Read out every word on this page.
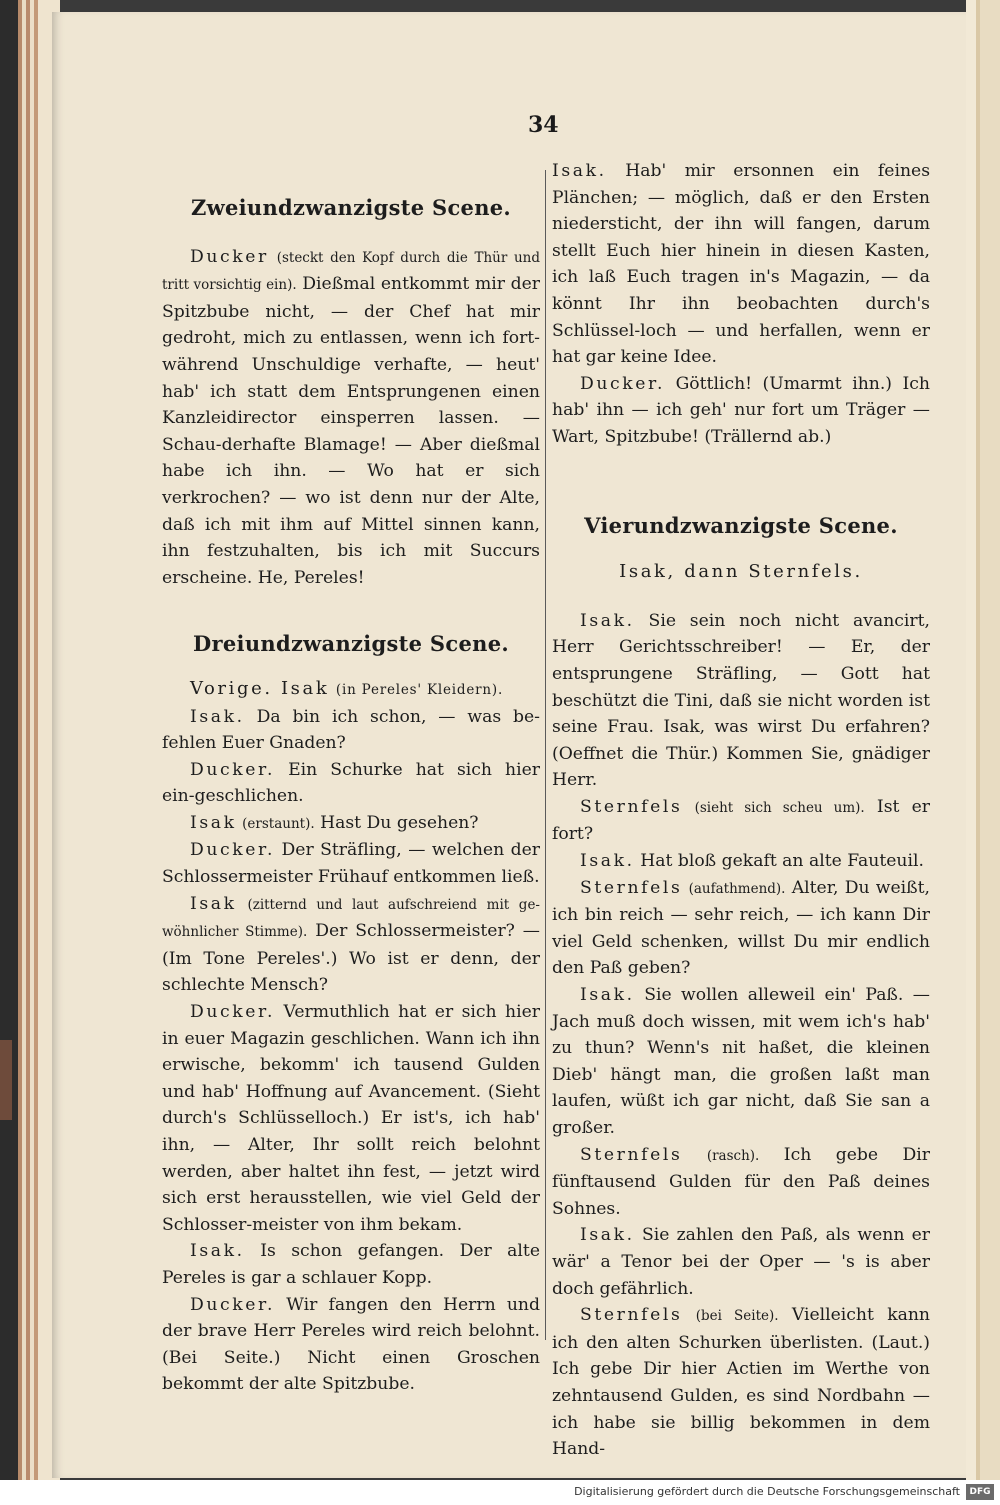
34
Zweiundzwanzigste Scene.

Ducker (steckt den Kopf durch die Thür und tritt vorsichtig ein). Dießmal entkommt mir der Spitzbube nicht, — der Chef hat mir gedroht, mich zu entlassen, wenn ich fort-während Unschuldige verhafte, — heut' hab' ich statt dem Entsprungenen einen Kanzleidirector einsperren lassen. — Schau-derhafte Blamage! — Aber dießmal habe ich ihn. — Wo hat er sich verkrochen? — wo ist denn nur der Alte, daß ich mit ihm auf Mittel sinnen kann, ihn festzuhalten, bis ich mit Succurs erscheine. He, Pereles!

Dreiundzwanzigste Scene.

Vorige. Isak (in Pereles' Kleidern).

Isak. Da bin ich schon, — was be-fehlen Euer Gnaden?

Ducker. Ein Schurke hat sich hier ein-geschlichen.

Isak (erstaunt). Hast Du gesehen?

Ducker. Der Sträfling, — welchen der Schlossermeister Frühauf entkommen ließ.

Isak (zitternd und laut aufschreiend mit ge-wöhnlicher Stimme). Der Schlossermeister? — (Im Tone Pereles'.) Wo ist er denn, der schlechte Mensch?

Ducker. Vermuthlich hat er sich hier in euer Magazin geschlichen. Wann ich ihn erwische, bekomm' ich tausend Gulden und hab' Hoffnung auf Avancement. (Sieht durch's Schlüsselloch.) Er ist's, ich hab' ihn, — Alter, Ihr sollt reich belohnt werden, aber haltet ihn fest, — jetzt wird sich erst herausstellen, wie viel Geld der Schlosser-meister von ihm bekam.

Isak. Is schon gefangen. Der alte Pereles is gar a schlauer Kopp.

Ducker. Wir fangen den Herrn und der brave Herr Pereles wird reich belohnt. (Bei Seite.) Nicht einen Groschen bekommt der alte Spitzbube.

Isak. Hab' mir ersonnen ein feines Plänchen; — möglich, daß er den Ersten niedersticht, der ihn will fangen, darum stellt Euch hier hinein in diesen Kasten, ich laß Euch tragen in's Magazin, — da könnt Ihr ihn beobachten durch's Schlüssel-loch — und herfallen, wenn er hat gar keine Idee.

Ducker. Göttlich! (Umarmt ihn.) Ich hab' ihn — ich geh' nur fort um Träger — Wart, Spitzbube! (Trällernd ab.)

Vierundzwanzigste Scene.
Isak, dann Sternfels.

Isak. Sie sein noch nicht avancirt, Herr Gerichtsschreiber! — Er, der entsprungene Sträfling, — Gott hat beschützt die Tini, daß sie nicht worden ist seine Frau. Isak, was wirst Du erfahren? (Oeffnet die Thür.) Kommen Sie, gnädiger Herr.

Sternfels (sieht sich scheu um). Ist er fort?

Isak. Hat bloß gekaft an alte Fauteuil.

Sternfels (aufathmend). Alter, Du weißt, ich bin reich — sehr reich, — ich kann Dir viel Geld schenken, willst Du mir endlich den Paß geben?

Isak. Sie wollen alleweil ein' Paß. — Jach muß doch wissen, mit wem ich's hab' zu thun? Wenn's nit haßet, die kleinen Dieb' hängt man, die großen laßt man laufen, wüßt ich gar nicht, daß Sie san a großer.

Sternfels (rasch). Ich gebe Dir fünftausend Gulden für den Paß deines Sohnes.

Isak. Sie zahlen den Paß, als wenn er wär' a Tenor bei der Oper — 's is aber doch gefährlich.

Sternfels (bei Seite). Vielleicht kann ich den alten Schurken überlisten. (Laut.) Ich gebe Dir hier Actien im Werthe von zehntausend Gulden, es sind Nordbahn — ich habe sie billig bekommen in dem Hand-

Digitalisierung gefördert durch die Deutsche Forschungsgemeinschaft	DFG
